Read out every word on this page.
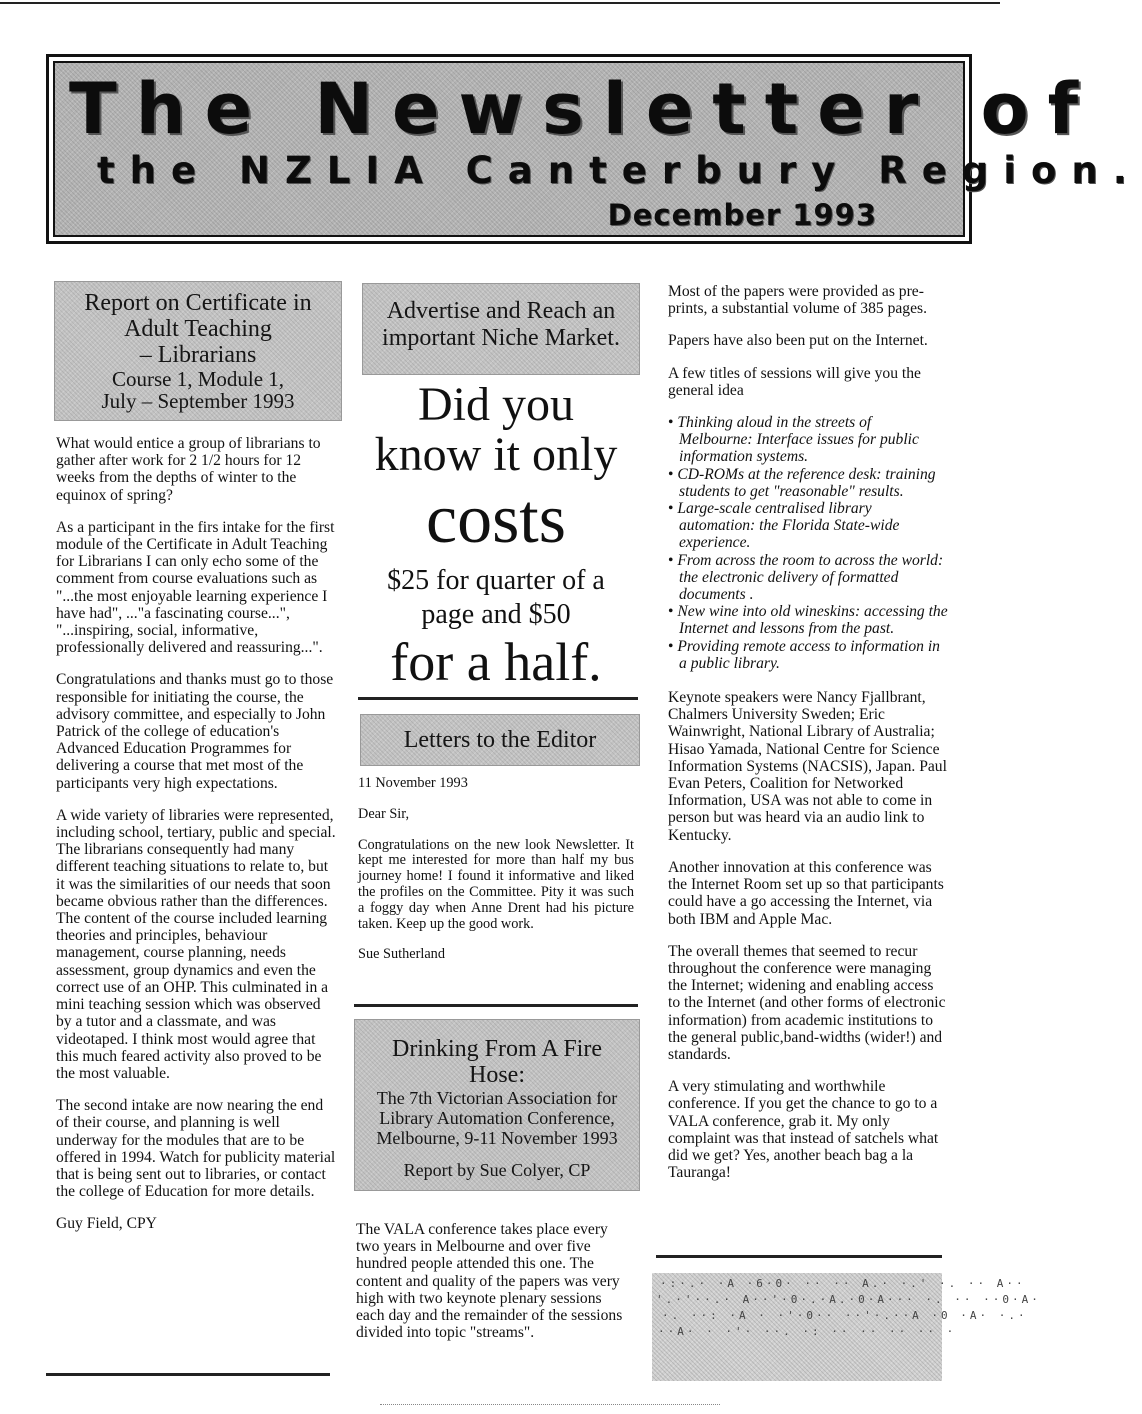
The Newsletter of
the NZLIA Canterbury Region.
December 1993
Report on Certificate in
Adult Teaching
– Librarians
Course 1, Module 1,
July – September 1993

What would entice a group of librarians to gather after work for 2 1/2 hours for 12 weeks from the depths of winter to the equinox of spring?

As a participant in the firs intake for the first module of the Certificate in Adult Teaching for Librarians I can only echo some of the comment from course evaluations such as "...the most enjoyable learning experience I have had", ..."a fascinating course...", "...inspiring, social, informative, professionally delivered and reassuring...".

Congratulations and thanks must go to those responsible for initiating the course, the advisory committee, and especially to John Patrick of the college of education's Advanced Education Programmes for delivering a course that met most of the participants very high expectations.

A wide variety of libraries were represented, including school, tertiary, public and special. The librarians consequently had many different teaching situations to relate to, but it was the similarities of our needs that soon became obvious rather than the differences.

The content of the course included learning theories and principles, behaviour management, course planning, needs assessment, group dynamics and even the correct use of an OHP. This culminated in a mini teaching session which was observed by a tutor and a classmate, and was videotaped. I think most would agree that this much feared activity also proved to be the most valuable.

The second intake are now nearing the end of their course, and planning is well underway for the modules that are to be offered in 1994. Watch for publicity material that is being sent out to libraries, or contact the college of Education for more details.

Guy Field, CPY

Advertise and Reach an
important Niche Market.
Did you
know it only
costs
$25 for quarter of a
page and $50
for a half.
Letters to the Editor

11 November 1993

Dear Sir,

Congratulations on the new look Newsletter. It kept me interested for more than half my bus journey home! I found it informative and liked the profiles on the Committee. Pity it was such a foggy day when Anne Drent had his picture taken. Keep up the good work.

Sue Sutherland

Drinking From A Fire
Hose:
The 7th Victorian Association for
Library Automation Conference,
Melbourne, 9-11 November 1993
Report by Sue Colyer, CP

The VALA conference takes place every two years in Melbourne and over five hundred people attended this one. The content and quality of the papers was very high with two keynote plenary sessions each day and the remainder of the sessions divided into topic "streams".

Most of the papers were provided as pre-prints, a substantial volume of 385 pages.

Papers have also been put on the Internet.

A few titles of sessions will give you the general idea

• Thinking aloud in the streets of Melbourne: Interface issues for public information systems.
• CD-ROMs at the reference desk: training students to get "reasonable" results.
• Large-scale centralised library automation: the Florida State-wide experience.
• From across the room to across the world: the electronic delivery of formatted documents .
• New wine into old wineskins: accessing the Internet and lessons from the past.
• Providing remote access to information in a public library.

Keynote speakers were Nancy Fjallbrant, Chalmers University Sweden; Eric Wainwright, National Library of Australia; Hisao Yamada, National Centre for Science Information Systems (NACSIS), Japan. Paul Evan Peters, Coalition for Networked Information, USA was not able to come in person but was heard via an audio link to Kentucky.

Another innovation at this conference was the Internet Room set up so that participants could have a go accessing the Internet, via both IBM and Apple Mac.

The overall themes that seemed to recur throughout the conference were managing the Internet; widening and enabling access to the Internet (and other forms of electronic information) from academic institutions to the general public,band-widths (wider!) and standards.

A very stimulating and worthwhile conference. If you get the chance to go to a VALA conference, grab it. My only complaint was that instead of satchels what did we get? Yes, another beach bag a la Tauranga!

·:·.· ·A ·6·0· ·· ·· A.· ·.' ·. ·· A··
'.·'··.· A··'·0·.·A.·0·A··· ·. ·· ··0·A·
·. ··: ·A · ·'·0·· ··'·.··A ·0 ·A· ·.·
··A· · ·'· ··. ·: ·· ·· ·· ·· ·
